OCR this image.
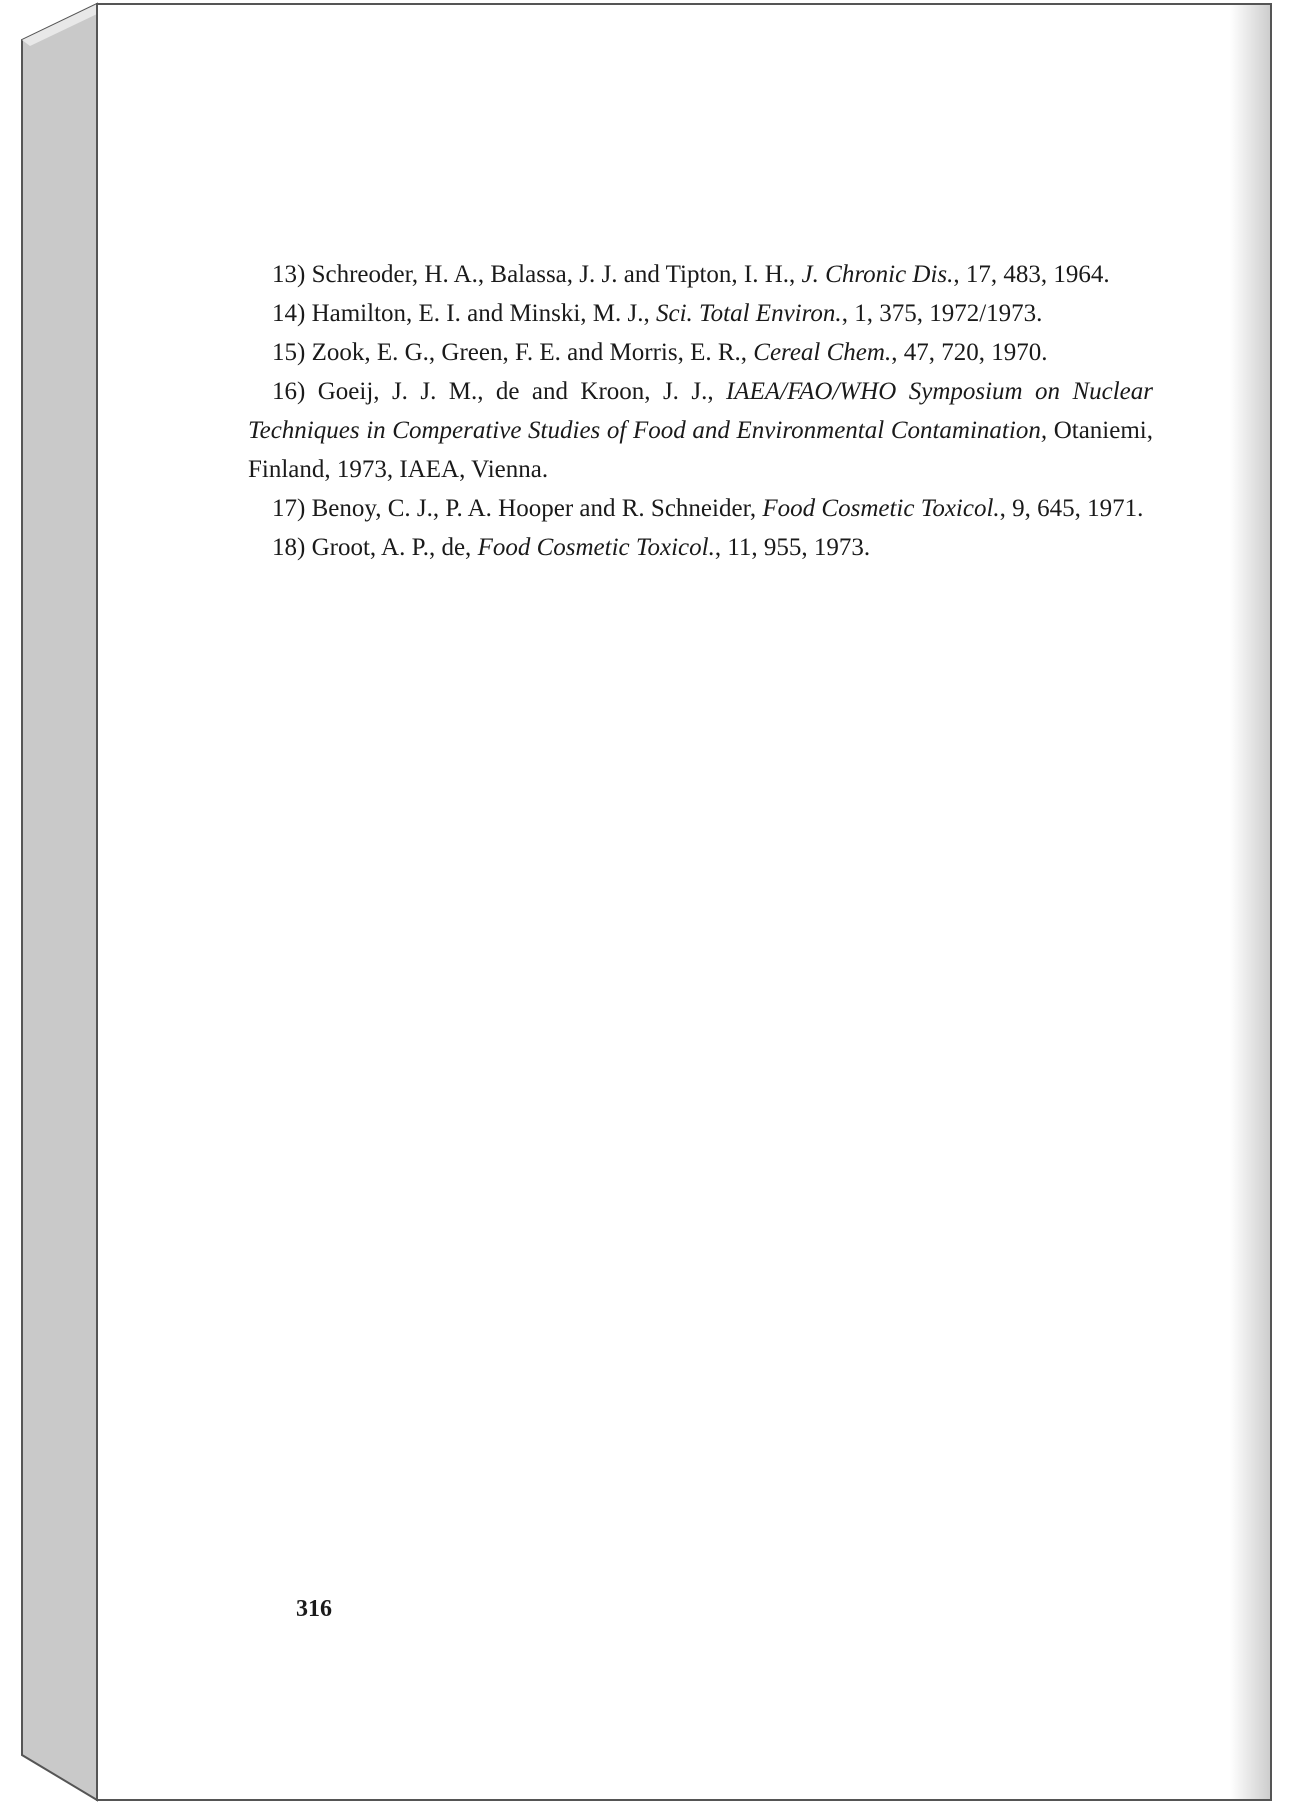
13) Schreoder, H. A., Balassa, J. J. and Tipton, I. H., J. Chronic Dis., 17, 483, 1964.

14) Hamilton, E. I. and Minski, M. J., Sci. Total Environ., 1, 375, 1972/1973.

15) Zook, E. G., Green, F. E. and Morris, E. R., Cereal Chem., 47, 720, 1970.

16) Goeij, J. J. M., de and Kroon, J. J., IAEA/FAO/WHO Symposium on Nuclear Techniques in Comperative Studies of Food and Environmental Contamination, Otaniemi, Finland, 1973, IAEA, Vienna.

17) Benoy, C. J., P. A. Hooper and R. Schneider, Food Cosmetic Toxicol., 9, 645, 1971.

18) Groot, A. P., de, Food Cosmetic Toxicol., 11, 955, 1973.

316
